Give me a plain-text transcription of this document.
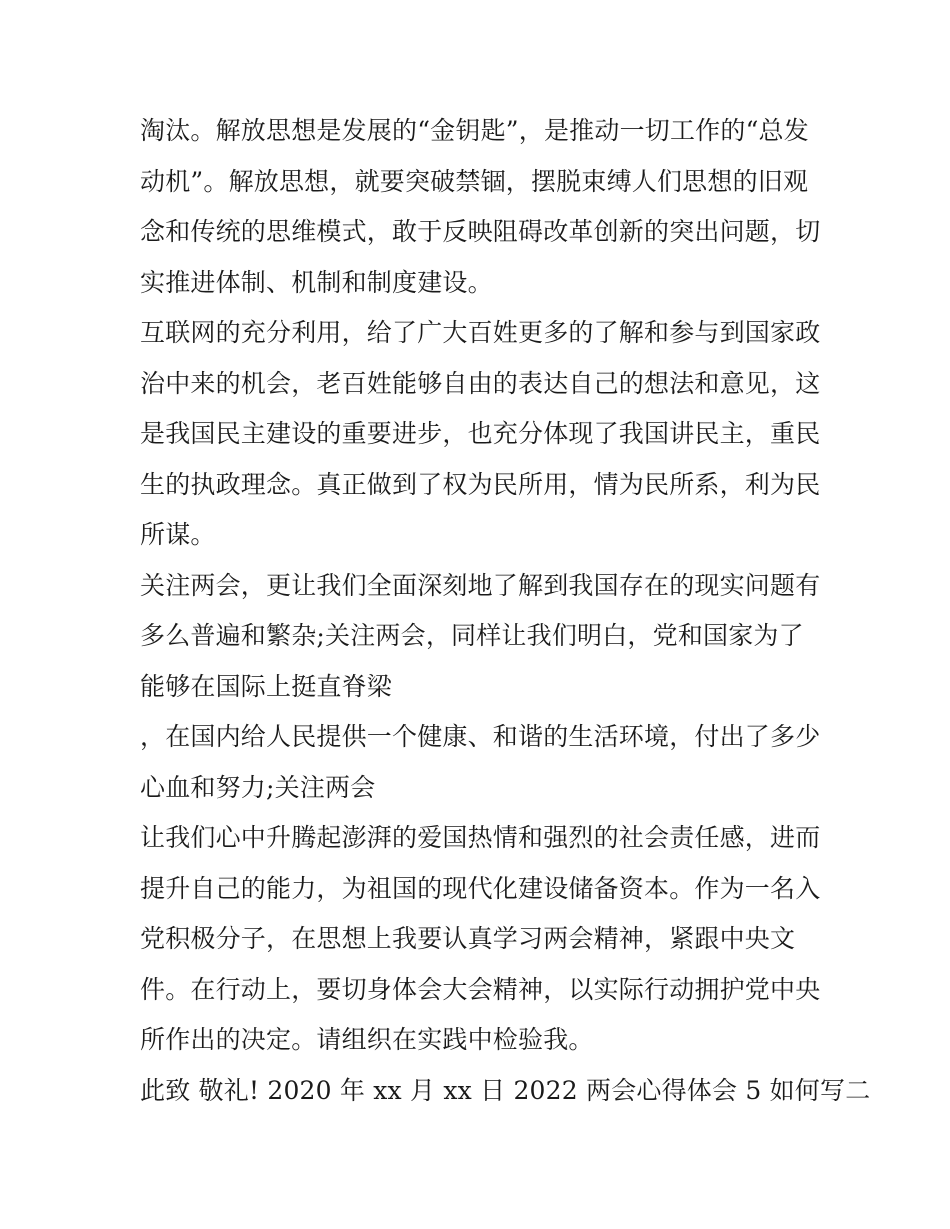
淘汰。解放思想是发展的“金钥匙”，是推动一切工作的“总发
动机”。解放思想，就要突破禁锢，摆脱束缚人们思想的旧观
念和传统的思维模式，敢于反映阻碍改革创新的突出问题，切
实推进体制、机制和制度建设。
互联网的充分利用，给了广大百姓更多的了解和参与到国家政
治中来的机会，老百姓能够自由的表达自己的想法和意见，这
是我国民主建设的重要进步，也充分体现了我国讲民主，重民
生的执政理念。真正做到了权为民所用，情为民所系，利为民
所谋。
关注两会，更让我们全面深刻地了解到我国存在的现实问题有
多么普遍和繁杂;关注两会，同样让我们明白，党和国家为了
能够在国际上挺直脊梁
，在国内给人民提供一个健康、和谐的生活环境，付出了多少
心血和努力;关注两会
让我们心中升腾起澎湃的爱国热情和强烈的社会责任感，进而
提升自己的能力，为祖国的现代化建设储备资本。作为一名入
党积极分子，在思想上我要认真学习两会精神，紧跟中央文
件。在行动上，要切身体会大会精神，以实际行动拥护党中央
所作出的决定。请组织在实践中检验我。
此致 敬礼! 2020 年 xx 月 xx 日 2022 两会心得体会 5 如何写二
